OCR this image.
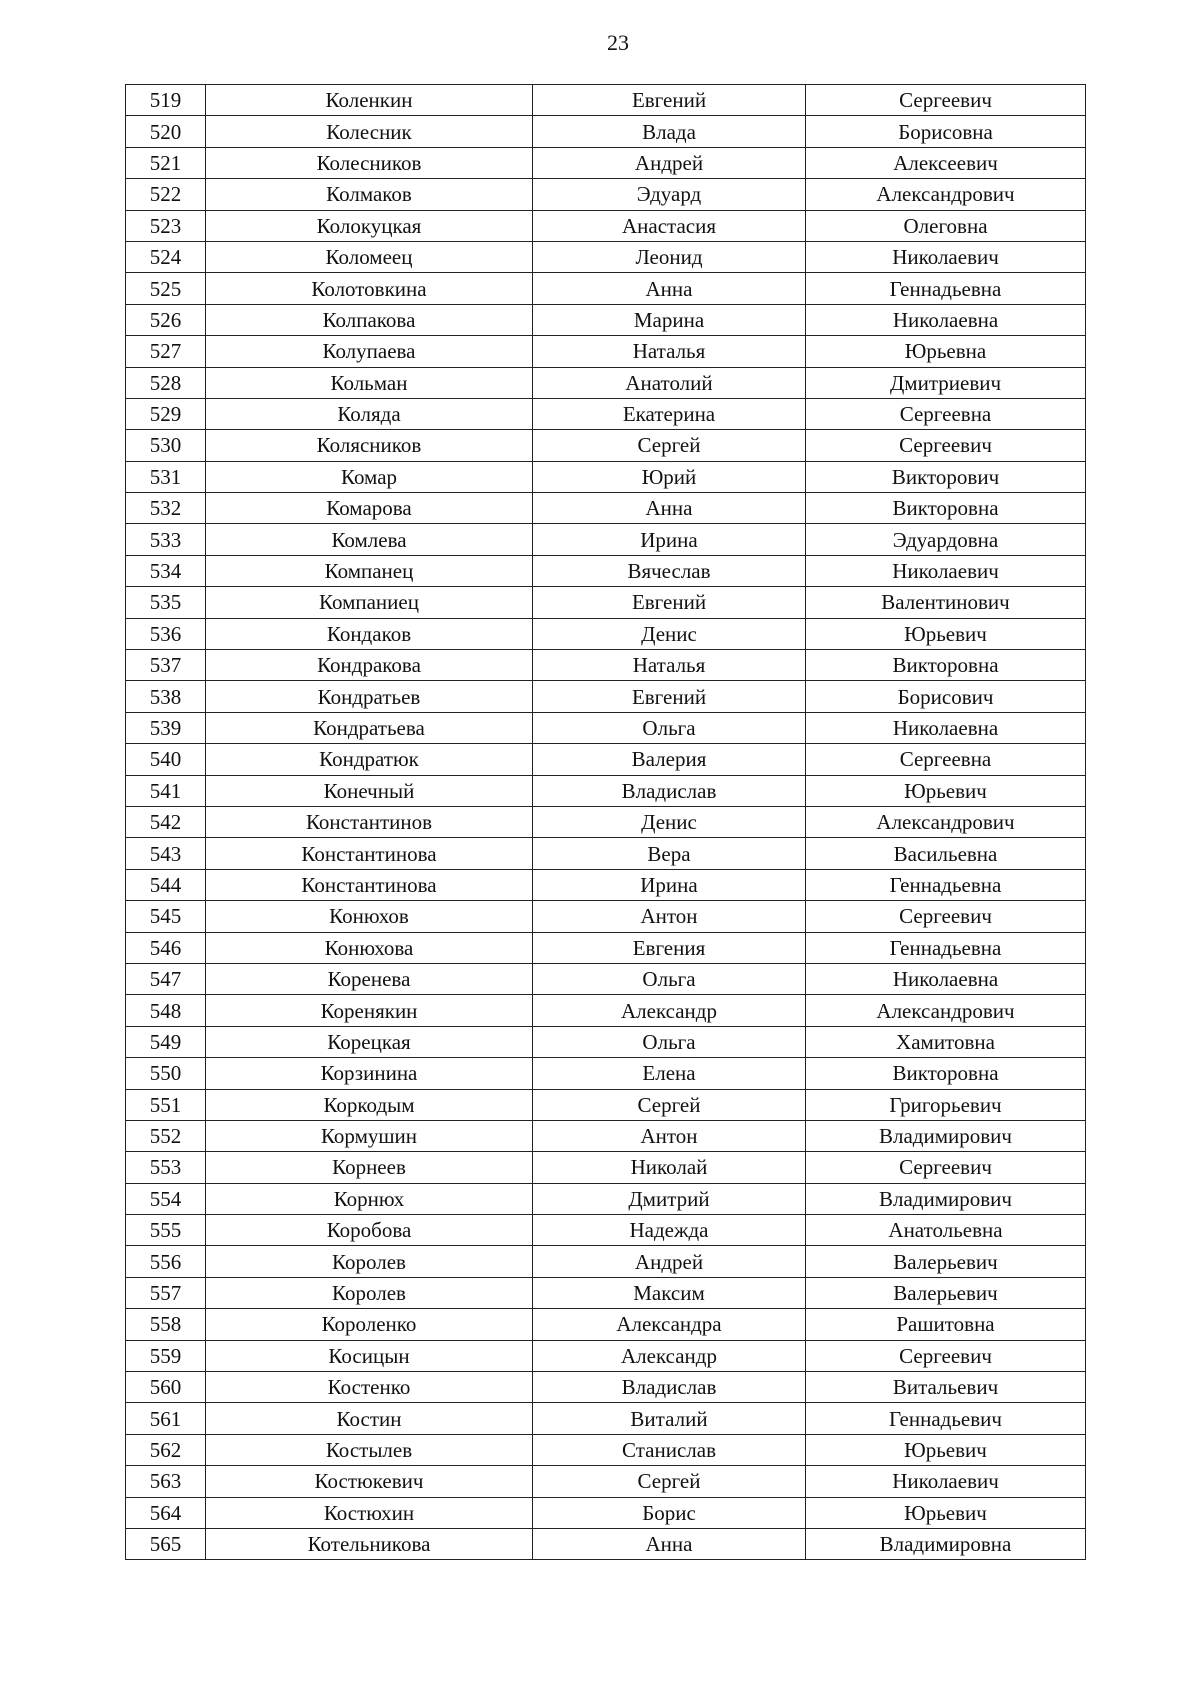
23
519	Коленкин	Евгений	Сергеевич
520	Колесник	Влада	Борисовна
521	Колесников	Андрей	Алексеевич
522	Колмаков	Эдуард	Александрович
523	Колокуцкая	Анастасия	Олеговна
524	Коломеец	Леонид	Николаевич
525	Колотовкина	Анна	Геннадьевна
526	Колпакова	Марина	Николаевна
527	Колупаева	Наталья	Юрьевна
528	Кольман	Анатолий	Дмитриевич
529	Коляда	Екатерина	Сергеевна
530	Колясников	Сергей	Сергеевич
531	Комар	Юрий	Викторович
532	Комарова	Анна	Викторовна
533	Комлева	Ирина	Эдуардовна
534	Компанец	Вячеслав	Николаевич
535	Компаниец	Евгений	Валентинович
536	Кондаков	Денис	Юрьевич
537	Кондракова	Наталья	Викторовна
538	Кондратьев	Евгений	Борисович
539	Кондратьева	Ольга	Николаевна
540	Кондратюк	Валерия	Сергеевна
541	Конечный	Владислав	Юрьевич
542	Константинов	Денис	Александрович
543	Константинова	Вера	Васильевна
544	Константинова	Ирина	Геннадьевна
545	Конюхов	Антон	Сергеевич
546	Конюхова	Евгения	Геннадьевна
547	Коренева	Ольга	Николаевна
548	Коренякин	Александр	Александрович
549	Корецкая	Ольга	Хамитовна
550	Корзинина	Елена	Викторовна
551	Коркодым	Сергей	Григорьевич
552	Кормушин	Антон	Владимирович
553	Корнеев	Николай	Сергеевич
554	Корнюх	Дмитрий	Владимирович
555	Коробова	Надежда	Анатольевна
556	Королев	Андрей	Валерьевич
557	Королев	Максим	Валерьевич
558	Короленко	Александра	Рашитовна
559	Косицын	Александр	Сергеевич
560	Костенко	Владислав	Витальевич
561	Костин	Виталий	Геннадьевич
562	Костылев	Станислав	Юрьевич
563	Костюкевич	Сергей	Николаевич
564	Костюхин	Борис	Юрьевич
565	Котельникова	Анна	Владимировна
